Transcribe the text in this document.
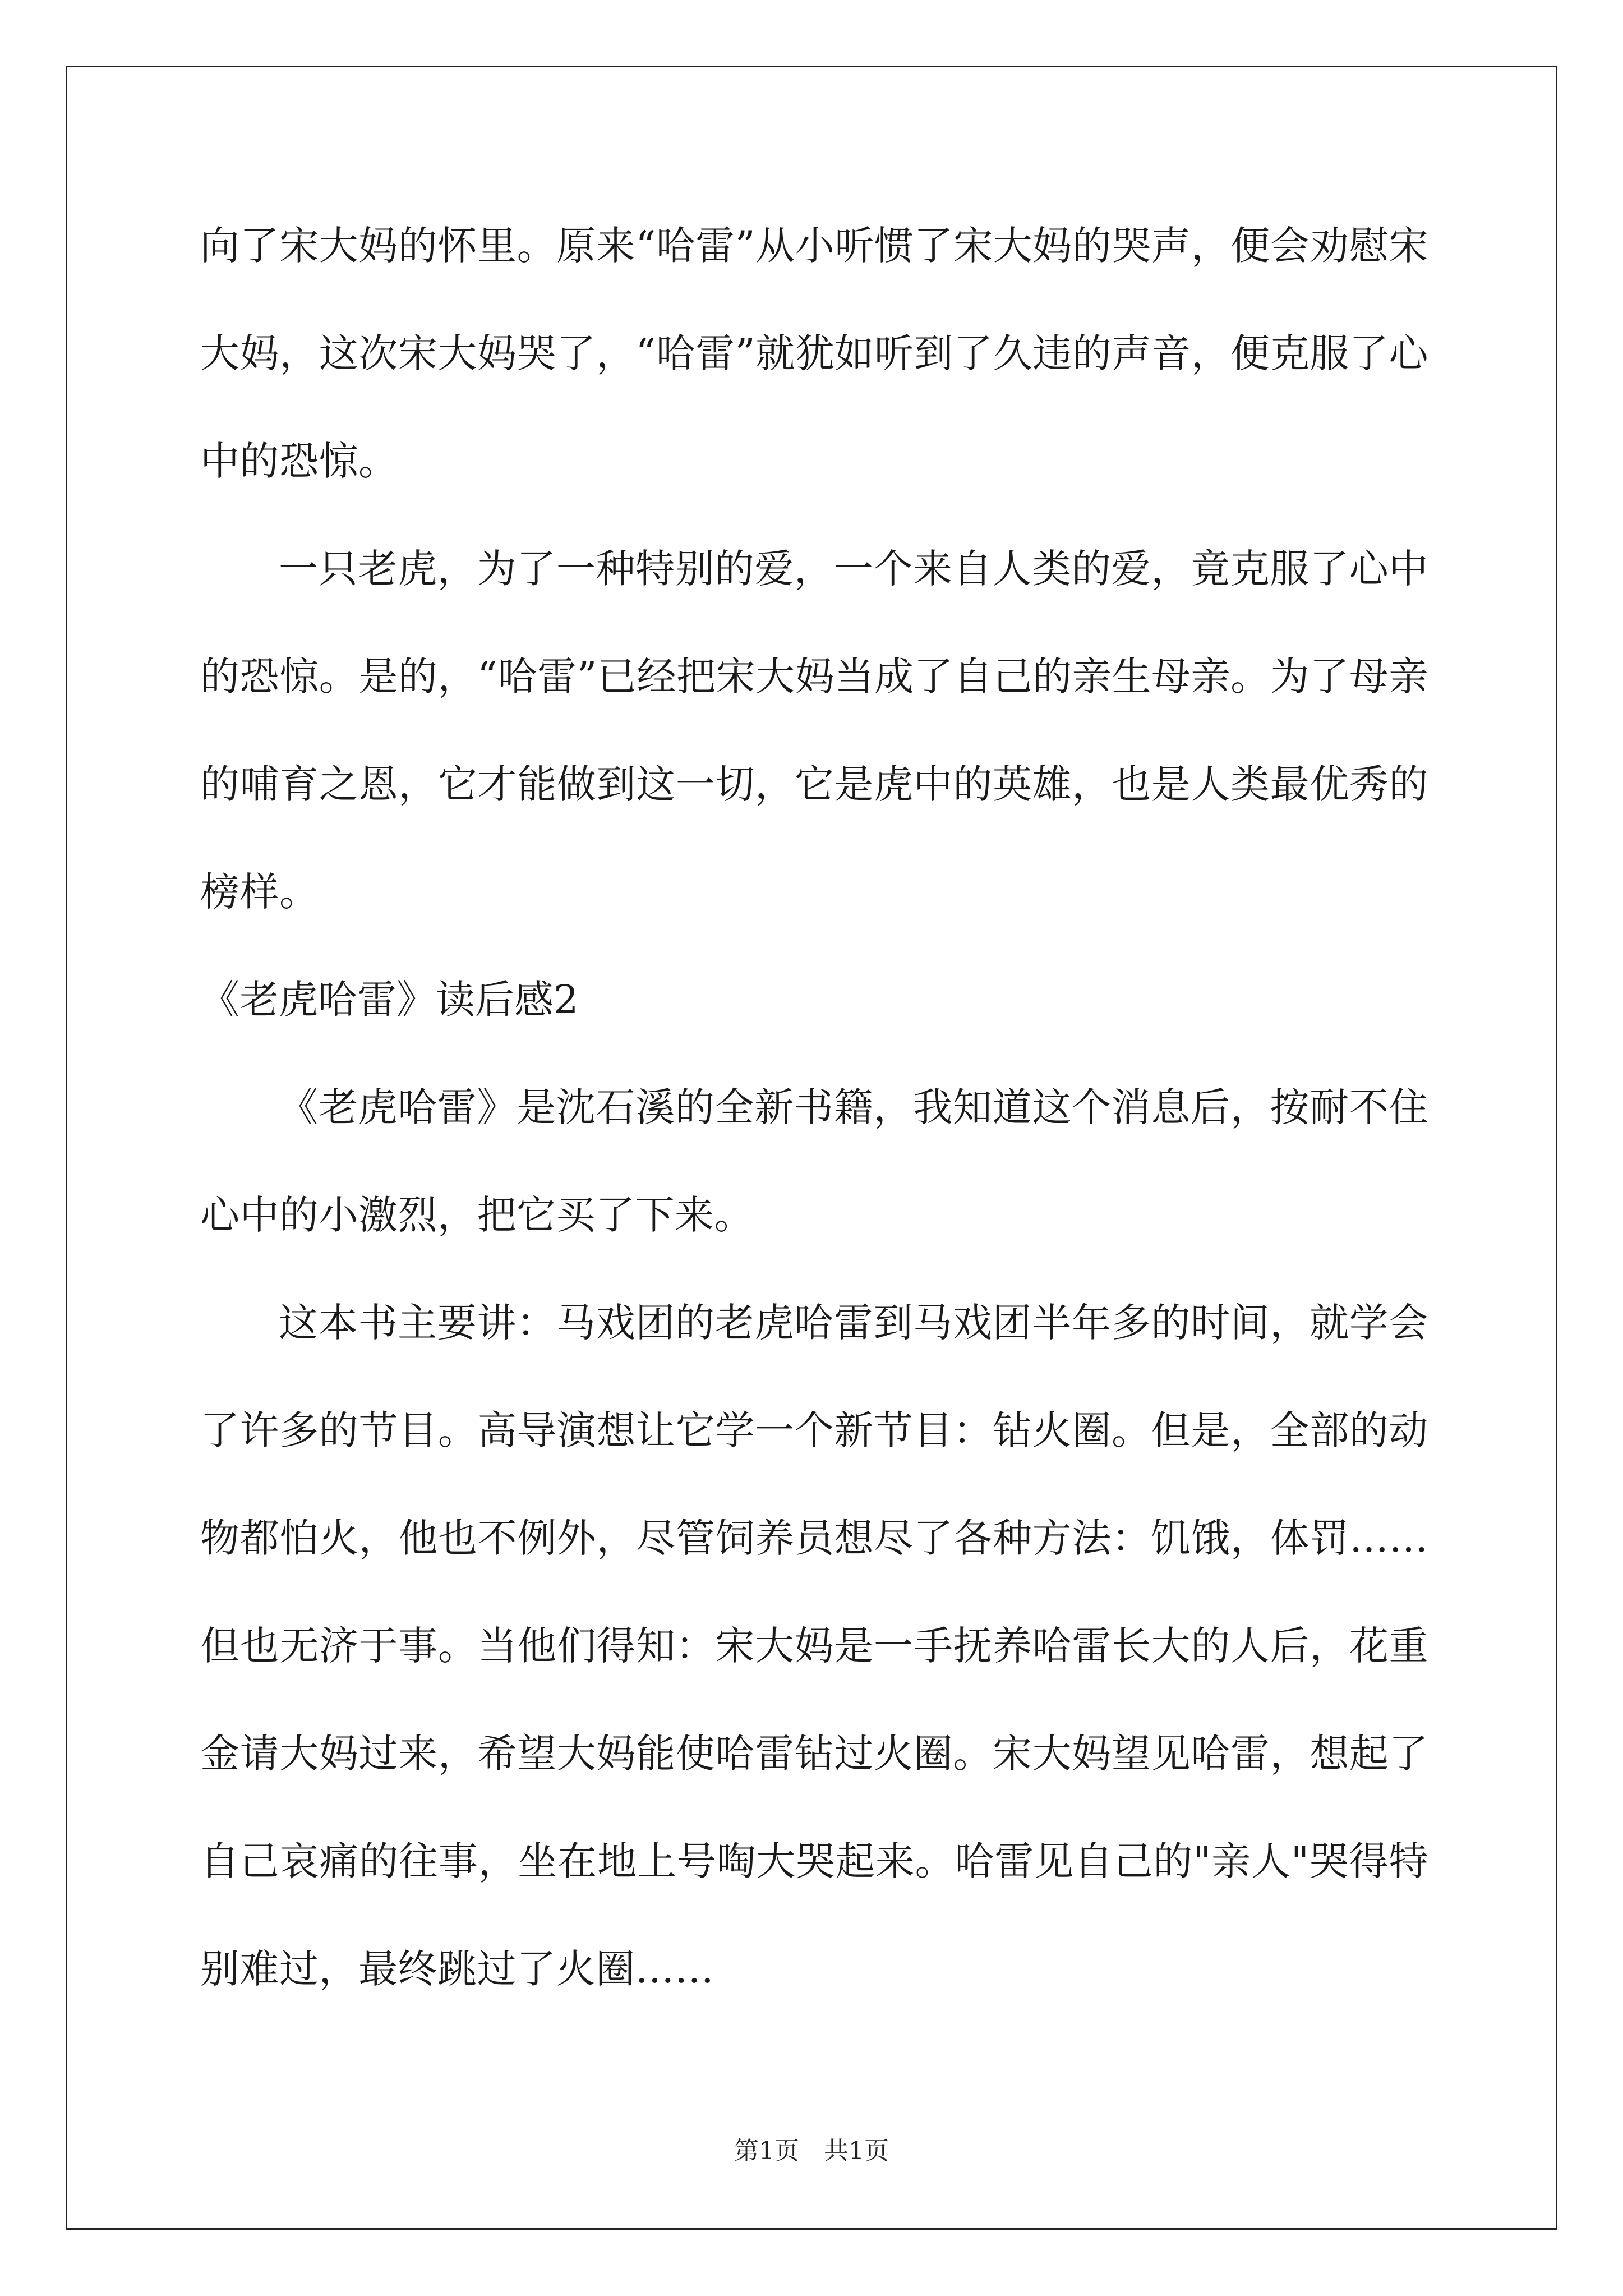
向了宋大妈的怀里。原来“哈雷”从小听惯了宋大妈的哭声，便会劝慰宋大妈，这次宋大妈哭了，“哈雷”就犹如听到了久违的声音，便克服了心中的恐惊。

一只老虎，为了一种特别的爱，一个来自人类的爱，竟克服了心中的恐惊。是的，“哈雷”已经把宋大妈当成了自己的亲生母亲。为了母亲的哺育之恩，它才能做到这一切，它是虎中的英雄，也是人类最优秀的榜样。

《老虎哈雷》读后感2

《老虎哈雷》是沈石溪的全新书籍，我知道这个消息后，按耐不住心中的小激烈，把它买了下来。

这本书主要讲：马戏团的老虎哈雷到马戏团半年多的时间，就学会了许多的节目。高导演想让它学一个新节目：钻火圈。但是，全部的动物都怕火，他也不例外，尽管饲养员想尽了各种方法：饥饿，体罚……但也无济于事。当他们得知：宋大妈是一手抚养哈雷长大的人后，花重金请大妈过来，希望大妈能使哈雷钻过火圈。宋大妈望见哈雷，想起了自己哀痛的往事，坐在地上号啕大哭起来。哈雷见自己的"亲人"哭得特别难过，最终跳过了火圈……

第1页　共1页
